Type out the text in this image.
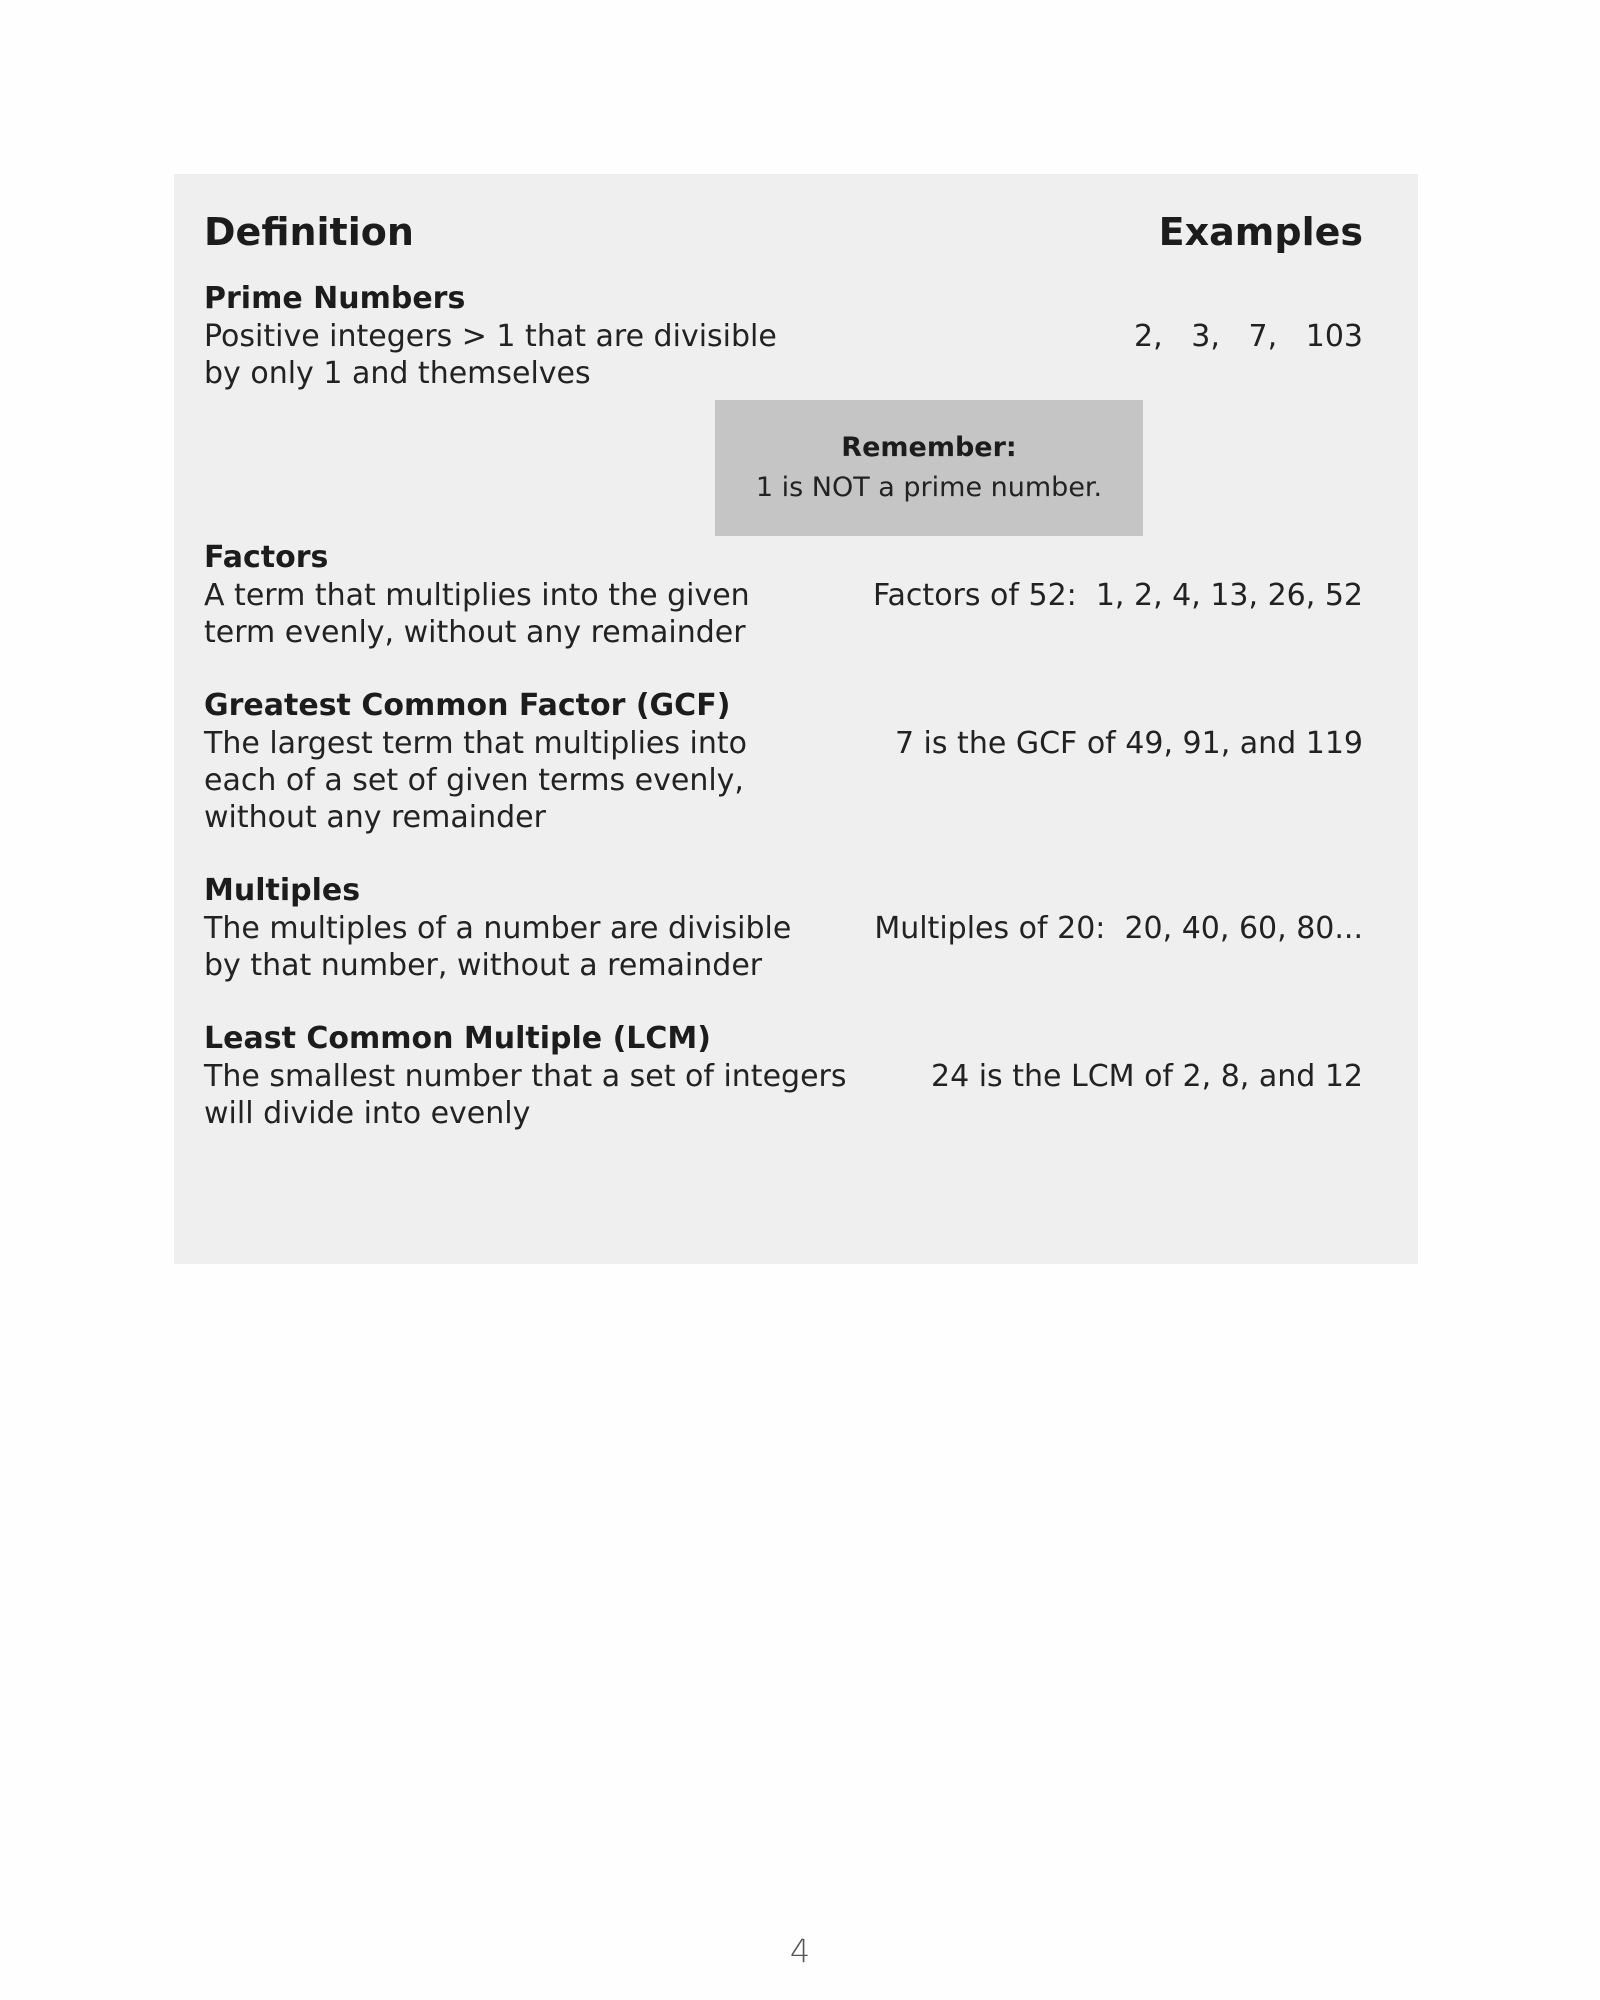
Definition	Examples

Prime Numbers

Positive integers > 1 that are divisible
by only 1 and themselves

2,   3,   7,   103
Remember:
1 is NOT a prime number.

Factors

A term that multiplies into the given
term evenly, without any remainder

Factors of 52:  1, 2, 4, 13, 26, 52

Greatest Common Factor (GCF)

The largest term that multiplies into
each of a set of given terms evenly,
without any remainder

7 is the GCF of 49, 91, and 119

Multiples

The multiples of a number are divisible
by that number, without a remainder

Multiples of 20:  20, 40, 60, 80...

Least Common Multiple (LCM)

The smallest number that a set of integers
will divide into evenly

24 is the LCM of 2, 8, and 12
4
